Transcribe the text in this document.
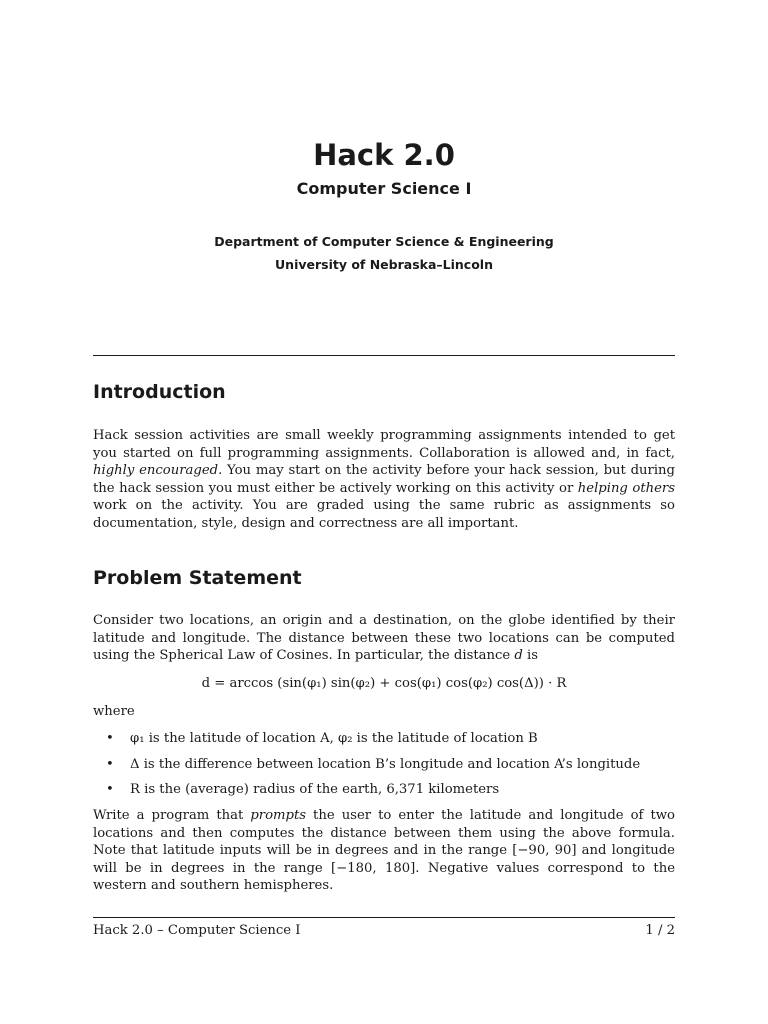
Hack 2.0
Computer Science I
Department of Computer Science & Engineering
University of Nebraska–Lincoln
Introduction
Hack session activities are small weekly programming assignments intended to get you started on full programming assignments. Collaboration is allowed and, in fact, highly encouraged. You may start on the activity before your hack session, but during the hack session you must either be actively working on this activity or helping others work on the activity. You are graded using the same rubric as assignments so documentation, style, design and correctness are all important.
Problem Statement
Consider two locations, an origin and a destination, on the globe identified by their latitude and longitude. The distance between these two locations can be computed using the Spherical Law of Cosines. In particular, the distance d is
d = arccos (sin(φ₁) sin(φ₂) + cos(φ₁) cos(φ₂) cos(Δ)) · R
where
• φ₁ is the latitude of location A, φ₂ is the latitude of location B
• Δ is the difference between location B’s longitude and location A’s longitude
• R is the (average) radius of the earth, 6,371 kilometers
Write a program that prompts the user to enter the latitude and longitude of two locations and then computes the distance between them using the above formula. Note that latitude inputs will be in degrees and in the range [−90, 90] and longitude will be in degrees in the range [−180, 180]. Negative values correspond to the western and southern hemispheres.
Hack 2.0 – Computer Science I	1 / 2
